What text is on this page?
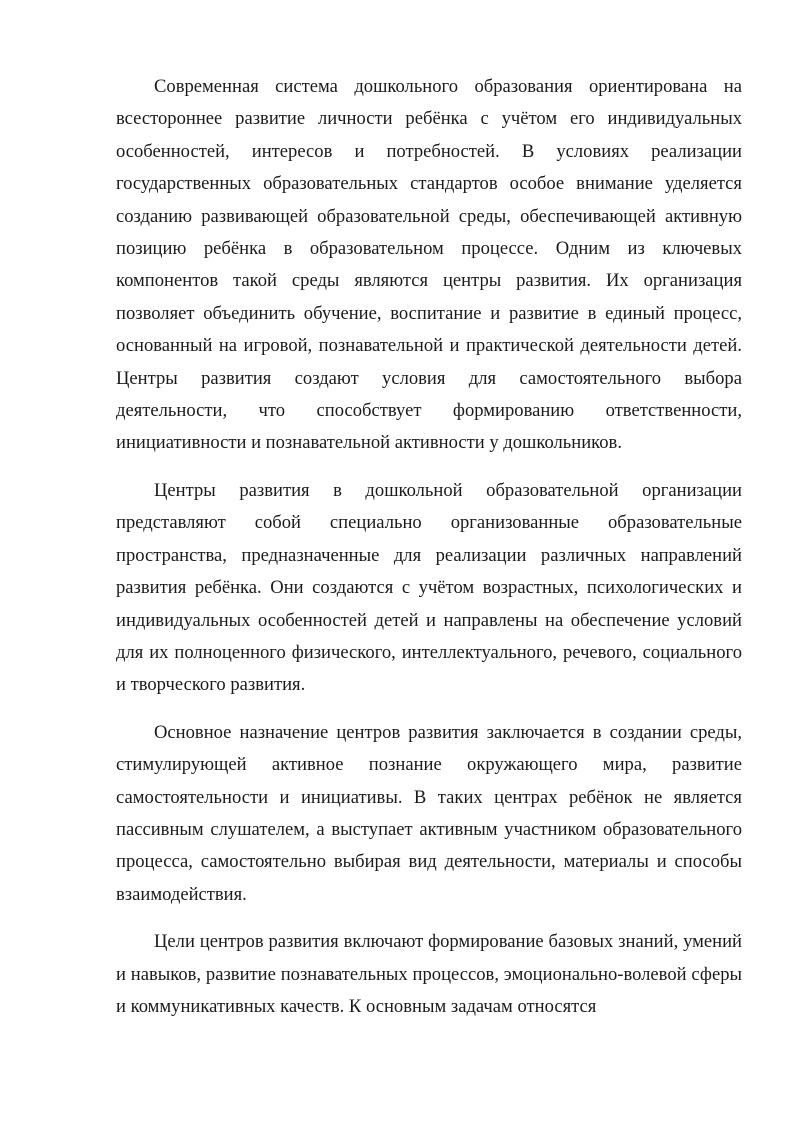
Современная система дошкольного образования ориентирована на всестороннее развитие личности ребёнка с учётом его индивидуальных особенностей, интересов и потребностей. В условиях реализации государственных образовательных стандартов особое внимание уделяется созданию развивающей образовательной среды, обеспечивающей активную позицию ребёнка в образовательном процессе. Одним из ключевых компонентов такой среды являются центры развития. Их организация позволяет объединить обучение, воспитание и развитие в единый процесс, основанный на игровой, познавательной и практической деятельности детей. Центры развития создают условия для самостоятельного выбора деятельности, что способствует формированию ответственности, инициативности и познавательной активности у дошкольников.

Центры развития в дошкольной образовательной организации представляют собой специально организованные образовательные пространства, предназначенные для реализации различных направлений развития ребёнка. Они создаются с учётом возрастных, психологических и индивидуальных особенностей детей и направлены на обеспечение условий для их полноценного физического, интеллектуального, речевого, социального и творческого развития.

Основное назначение центров развития заключается в создании среды, стимулирующей активное познание окружающего мира, развитие самостоятельности и инициативы. В таких центрах ребёнок не является пассивным слушателем, а выступает активным участником образовательного процесса, самостоятельно выбирая вид деятельности, материалы и способы взаимодействия.

Цели центров развития включают формирование базовых знаний, умений и навыков, развитие познавательных процессов, эмоционально-волевой сферы и коммуникативных качеств. К основным задачам относятся
